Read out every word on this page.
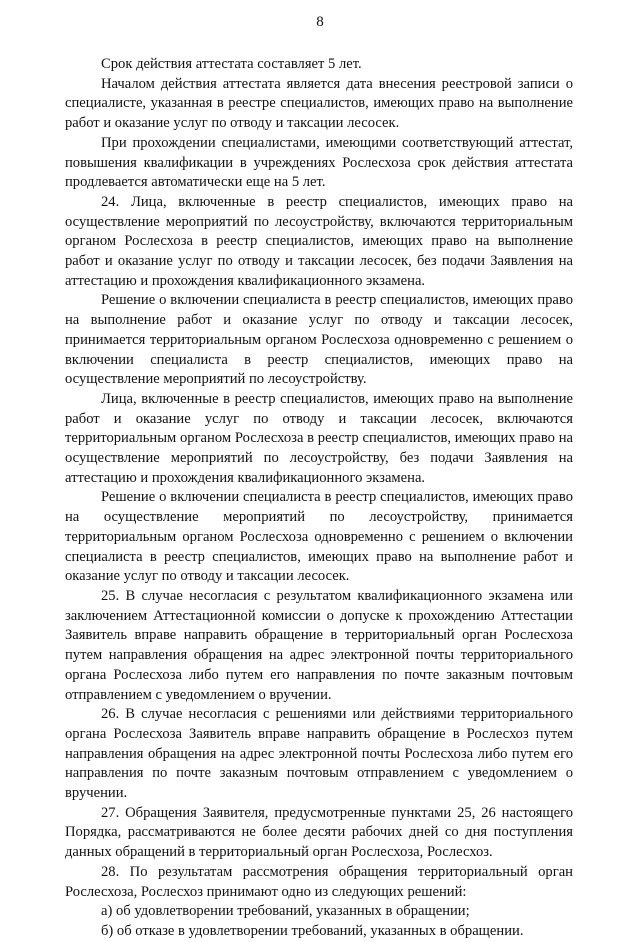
8

Срок действия аттестата составляет 5 лет.

Началом действия аттестата является дата внесения реестровой записи о специалисте, указанная в реестре специалистов, имеющих право на выполнение работ и оказание услуг по отводу и таксации лесосек.

При прохождении специалистами, имеющими соответствующий аттестат, повышения квалификации в учреждениях Рослесхоза срок действия аттестата продлевается автоматически еще на 5 лет.

24. Лица, включенные в реестр специалистов, имеющих право на осуществление мероприятий по лесоустройству, включаются территориальным органом Рослесхоза в реестр специалистов, имеющих право на выполнение работ и оказание услуг по отводу и таксации лесосек, без подачи Заявления на аттестацию и прохождения квалификационного экзамена.

Решение о включении специалиста в реестр специалистов, имеющих право на выполнение работ и оказание услуг по отводу и таксации лесосек, принимается территориальным органом Рослесхоза одновременно с решением о включении специалиста в реестр специалистов, имеющих право на осуществление мероприятий по лесоустройству.

Лица, включенные в реестр специалистов, имеющих право на выполнение работ и оказание услуг по отводу и таксации лесосек, включаются территориальным органом Рослесхоза в реестр специалистов, имеющих право на осуществление мероприятий по лесоустройству, без подачи Заявления на аттестацию и прохождения квалификационного экзамена.

Решение о включении специалиста в реестр специалистов, имеющих право на осуществление мероприятий по лесоустройству, принимается территориальным органом Рослесхоза одновременно с решением о включении специалиста в реестр специалистов, имеющих право на выполнение работ и оказание услуг по отводу и таксации лесосек.

25. В случае несогласия с результатом квалификационного экзамена или заключением Аттестационной комиссии о допуске к прохождению Аттестации Заявитель вправе направить обращение в территориальный орган Рослесхоза путем направления обращения на адрес электронной почты территориального органа Рослесхоза либо путем его направления по почте заказным почтовым отправлением с уведомлением о вручении.

26. В случае несогласия с решениями или действиями территориального органа Рослесхоза Заявитель вправе направить обращение в Рослесхоз путем направления обращения на адрес электронной почты Рослесхоза либо путем его направления по почте заказным почтовым отправлением с уведомлением о вручении.

27. Обращения Заявителя, предусмотренные пунктами 25, 26 настоящего Порядка, рассматриваются не более десяти рабочих дней со дня поступления данных обращений в территориальный орган Рослесхоза, Рослесхоз.

28. По результатам рассмотрения обращения территориальный орган Рослесхоза, Рослесхоз принимают одно из следующих решений:

а) об удовлетворении требований, указанных в обращении;

б) об отказе в удовлетворении требований, указанных в обращении.
